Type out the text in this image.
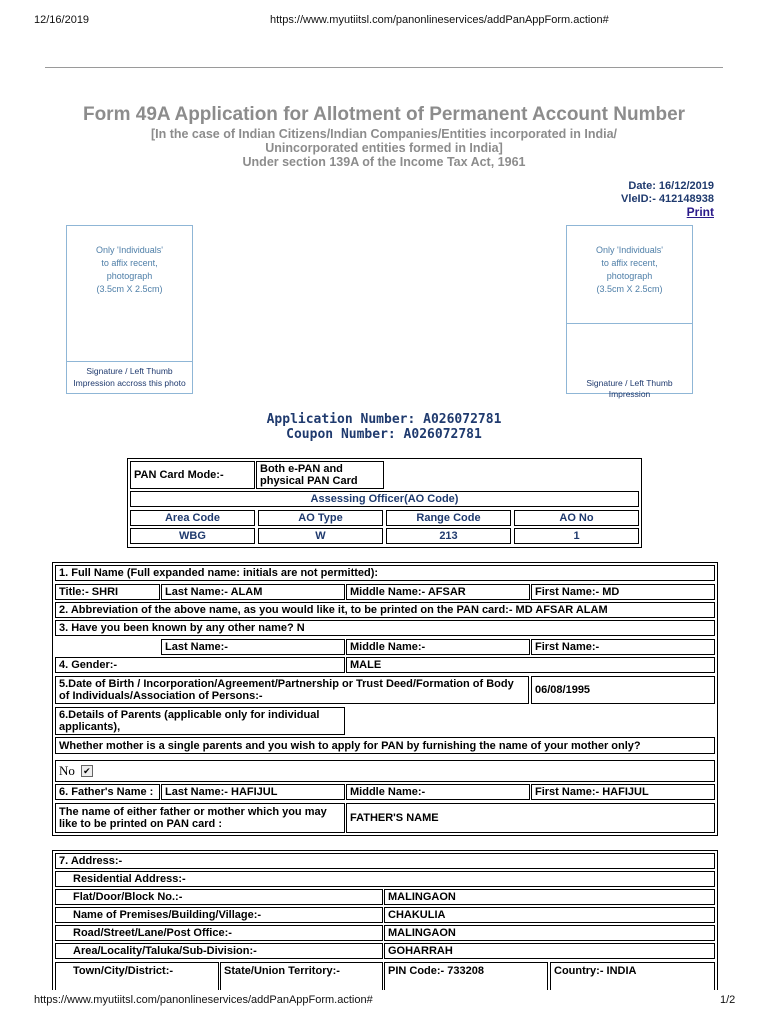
12/16/2019	https://www.myutiitsl.com/panonlineservices/addPanAppForm.action#
Form 49A Application for Allotment of Permanent Account Number
[In the case of Indian Citizens/Indian Companies/Entities incorporated in India/
Unincorporated entities formed in India]
Under section 139A of the Income Tax Act, 1961
Date: 16/12/2019
VleID:- 412148938
Print
Only 'Individuals'
to affix recent,
photograph
(3.5cm X 2.5cm)
Signature / Left Thumb
Impression accross this photo
Only 'Individuals'
to affix recent,
photograph
(3.5cm X 2.5cm)
Signature / Left Thumb Impression
Application Number: A026072781
Coupon Number: A026072781
PAN Card Mode:-	Both e-PAN and physical PAN Card
Assessing Officer(AO Code)
Area Code	AO Type	Range Code	AO No
WBG	W	213	1
1. Full Name (Full expanded name: initials are not permitted):
Title:- SHRI	Last Name:- ALAM	Middle Name:- AFSAR	First Name:- MD
2. Abbreviation of the above name, as you would like it, to be printed on the PAN card:- MD AFSAR ALAM
3. Have you been known by any other name? N
Last Name:-	Middle Name:-	First Name:-
4. Gender:-	MALE
5.Date of Birth / Incorporation/Agreement/Partnership or Trust Deed/Formation of Body of Individuals/Association of Persons:-	06/08/1995
6.Details of Parents (applicable only for individual applicants),
Whether mother is a single parents and you wish to apply for PAN by furnishing the name of your mother only?
No ✔
6. Father's Name :	Last Name:- HAFIJUL	Middle Name:-	First Name:- HAFIJUL
The name of either father or mother which you may like to be printed on PAN card :	FATHER'S NAME
7. Address:-
Residential Address:-
Flat/Door/Block No.:-	MALINGAON
Name of Premises/Building/Village:-	CHAKULIA
Road/Street/Lane/Post Office:-	MALINGAON
Area/Locality/Taluka/Sub-Division:-	GOHARRAH
Town/City/District:-	State/Union Territory:-	PIN Code:- 733208	Country:- INDIA
https://www.myutiitsl.com/panonlineservices/addPanAppForm.action#	1/2
